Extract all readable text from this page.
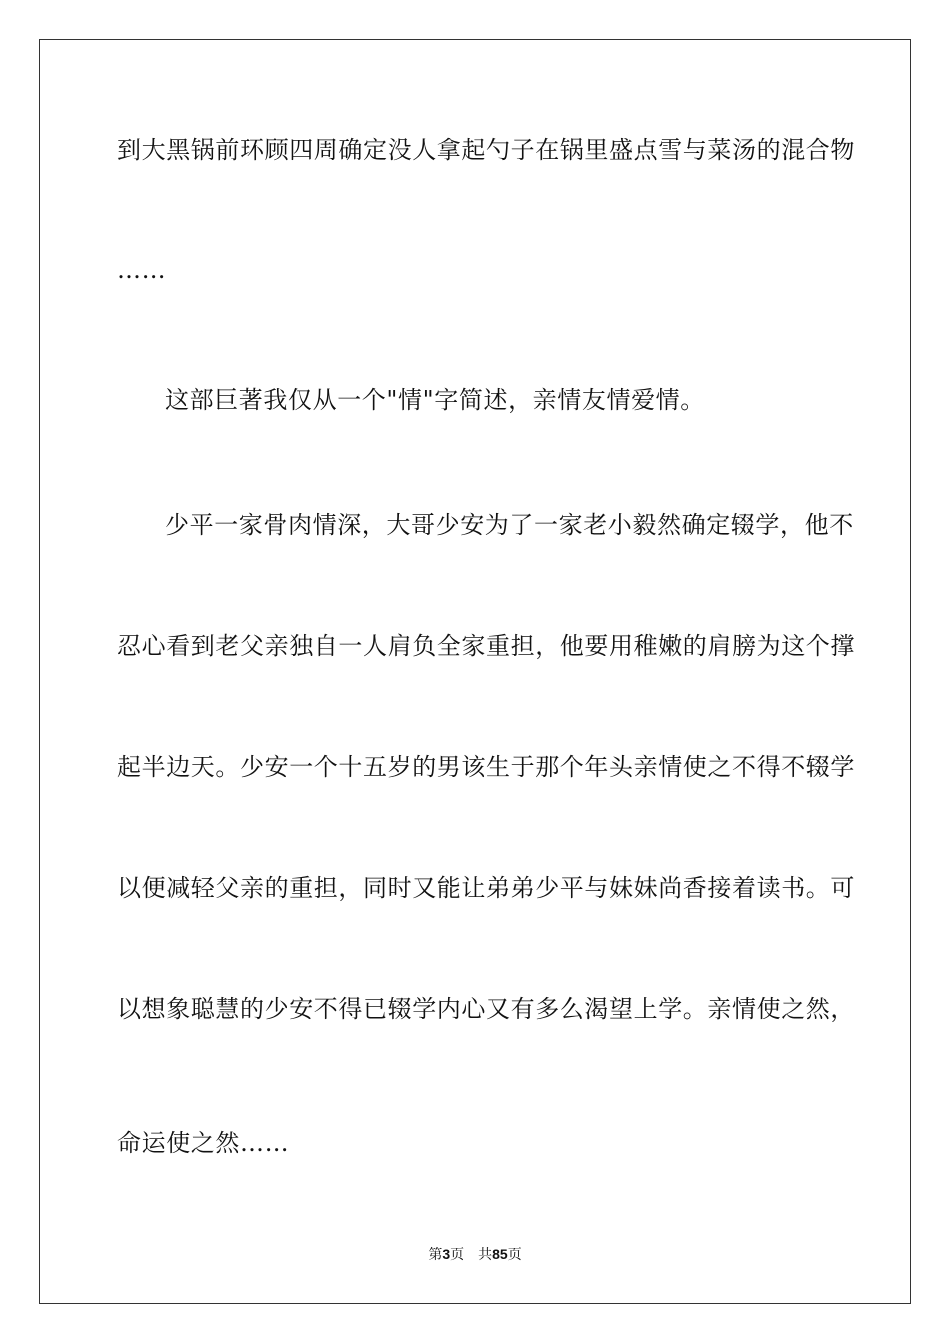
到大黑锅前环顾四周确定没人拿起勺子在锅里盛点雪与菜汤的混合物
……
这部巨著我仅从一个"情"字简述，亲情友情爱情。
少平一家骨肉情深，大哥少安为了一家老小毅然确定辍学，他不
忍心看到老父亲独自一人肩负全家重担，他要用稚嫩的肩膀为这个撑
起半边天。少安一个十五岁的男该生于那个年头亲情使之不得不辍学
以便减轻父亲的重担，同时又能让弟弟少平与妹妹尚香接着读书。可
以想象聪慧的少安不得已辍学内心又有多么渴望上学。亲情使之然，
命运使之然……
第3页 共85页
